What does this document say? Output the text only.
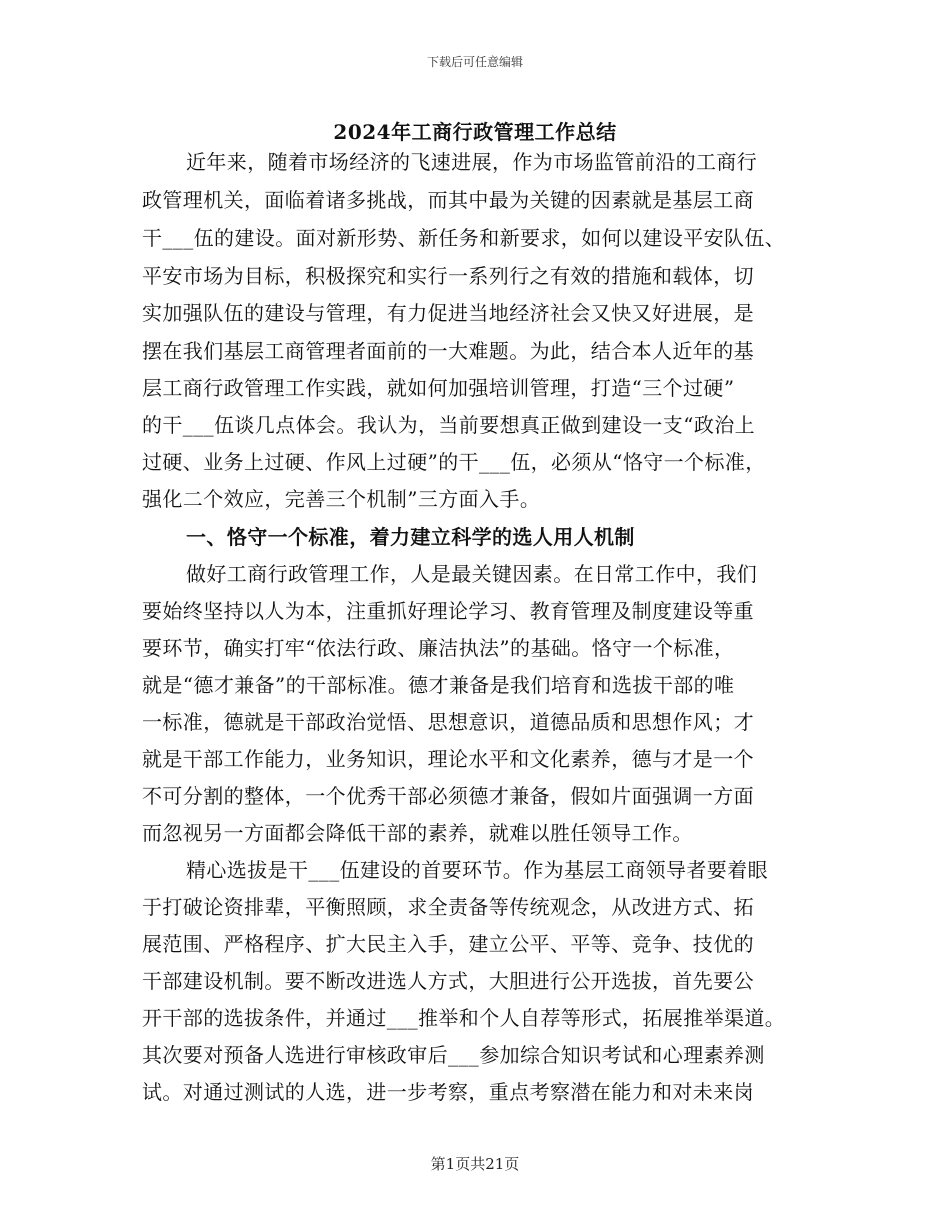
下载后可任意编辑
2024年工商行政管理工作总结
近年来，随着市场经济的飞速进展，作为市场监管前沿的工商行
政管理机关，面临着诸多挑战，而其中最为关键的因素就是基层工商
干___伍的建设。面对新形势、新任务和新要求，如何以建设平安队伍、
平安市场为目标，积极探究和实行一系列行之有效的措施和载体，切
实加强队伍的建设与管理，有力促进当地经济社会又快又好进展，是
摆在我们基层工商管理者面前的一大难题。为此，结合本人近年的基
层工商行政管理工作实践，就如何加强培训管理，打造“三个过硬”
的干___伍谈几点体会。我认为，当前要想真正做到建设一支“政治上
过硬、业务上过硬、作风上过硬”的干___伍，必须从“恪守一个标准，
强化二个效应，完善三个机制”三方面入手。
一、恪守一个标准，着力建立科学的选人用人机制
做好工商行政管理工作，人是最关键因素。在日常工作中，我们
要始终坚持以人为本，注重抓好理论学习、教育管理及制度建设等重
要环节，确实打牢“依法行政、廉洁执法”的基础。恪守一个标准，
就是“德才兼备”的干部标准。德才兼备是我们培育和选拔干部的唯
一标准，德就是干部政治觉悟、思想意识，道德品质和思想作风；才
就是干部工作能力，业务知识，理论水平和文化素养，德与才是一个
不可分割的整体，一个优秀干部必须德才兼备，假如片面强调一方面
而忽视另一方面都会降低干部的素养，就难以胜任领导工作。
精心选拔是干___伍建设的首要环节。作为基层工商领导者要着眼
于打破论资排辈，平衡照顾，求全责备等传统观念，从改进方式、拓
展范围、严格程序、扩大民主入手，建立公平、平等、竞争、技优的
干部建设机制。要不断改进选人方式，大胆进行公开选拔，首先要公
开干部的选拔条件，并通过___推举和个人自荐等形式，拓展推举渠道。
其次要对预备人选进行审核政审后___参加综合知识考试和心理素养测
试。对通过测试的人选，进一步考察，重点考察潜在能力和对未来岗
第1页共21页
